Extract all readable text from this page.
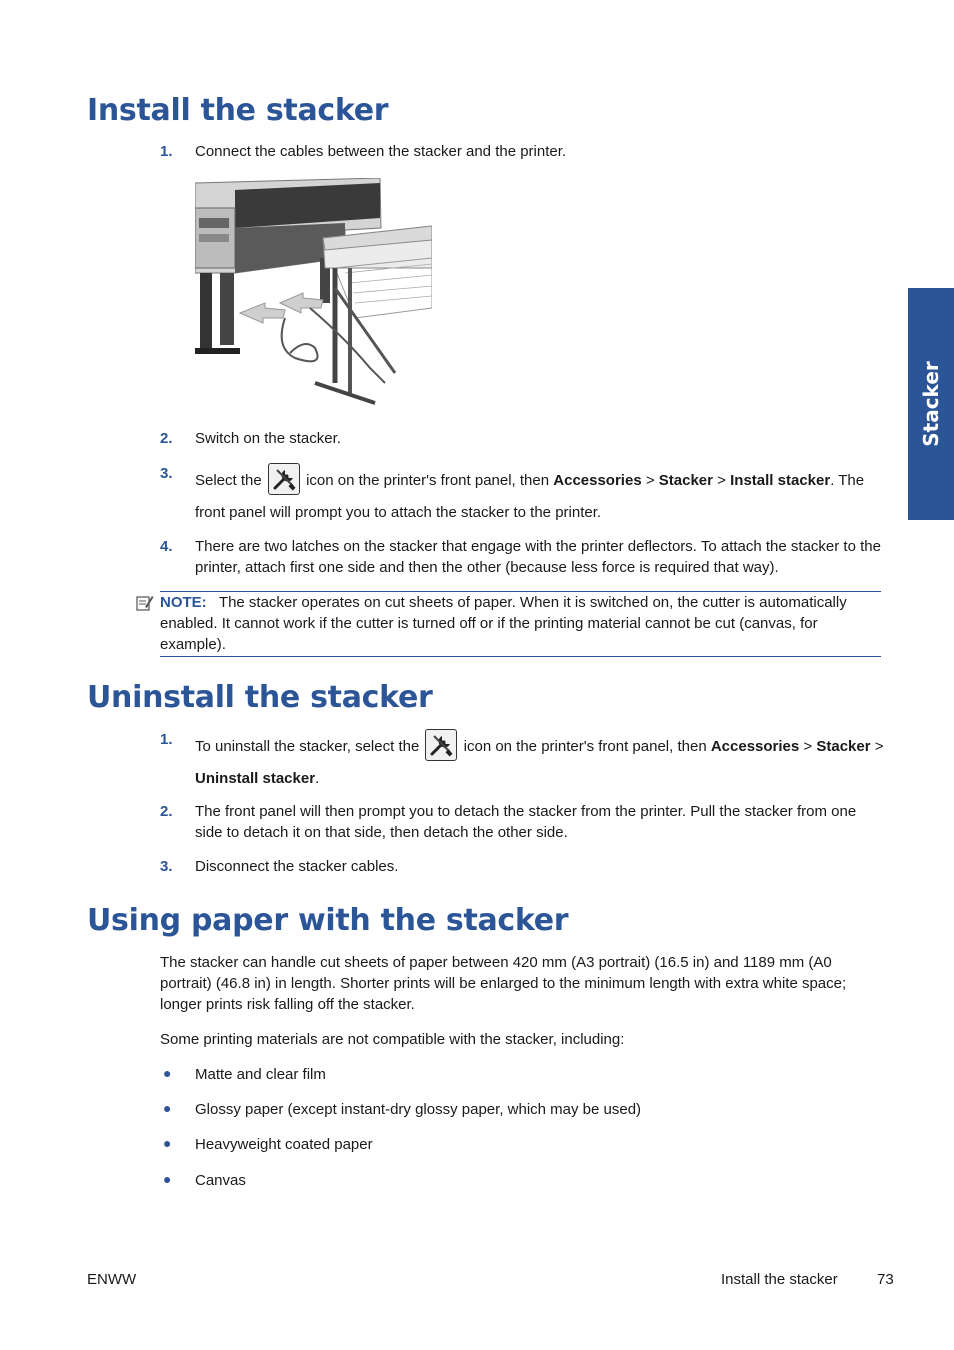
Install the stacker
1. Connect the cables between the stacker and the printer.
2. Switch on the stacker.
3. Select the	icon on the printer's front panel, then Accessories > Stacker > Install stacker. The front panel will prompt you to attach the stacker to the printer.
4. There are two latches on the stacker that engage with the printer deflectors. To attach the stacker to the printer, attach first one side and then the other (because less force is required that way).
NOTE: The stacker operates on cut sheets of paper. When it is switched on, the cutter is automatically enabled. It cannot work if the cutter is turned off or if the printing material cannot be cut (canvas, for example).
Uninstall the stacker
1. To uninstall the stacker, select the	icon on the printer's front panel, then Accessories > Stacker > Uninstall stacker.
2. The front panel will then prompt you to detach the stacker from the printer. Pull the stacker from one side to detach it on that side, then detach the other side.
3. Disconnect the stacker cables.
Using paper with the stacker
The stacker can handle cut sheets of paper between 420 mm (A3 portrait) (16.5 in) and 1189 mm (A0 portrait) (46.8 in) in length. Shorter prints will be enlarged to the minimum length with extra white space; longer prints risk falling off the stacker.
Some printing materials are not compatible with the stacker, including:
● Matte and clear film
● Glossy paper (except instant-dry glossy paper, which may be used)
● Heavyweight coated paper
● Canvas
Stacker
ENWW	Install the stacker	73
